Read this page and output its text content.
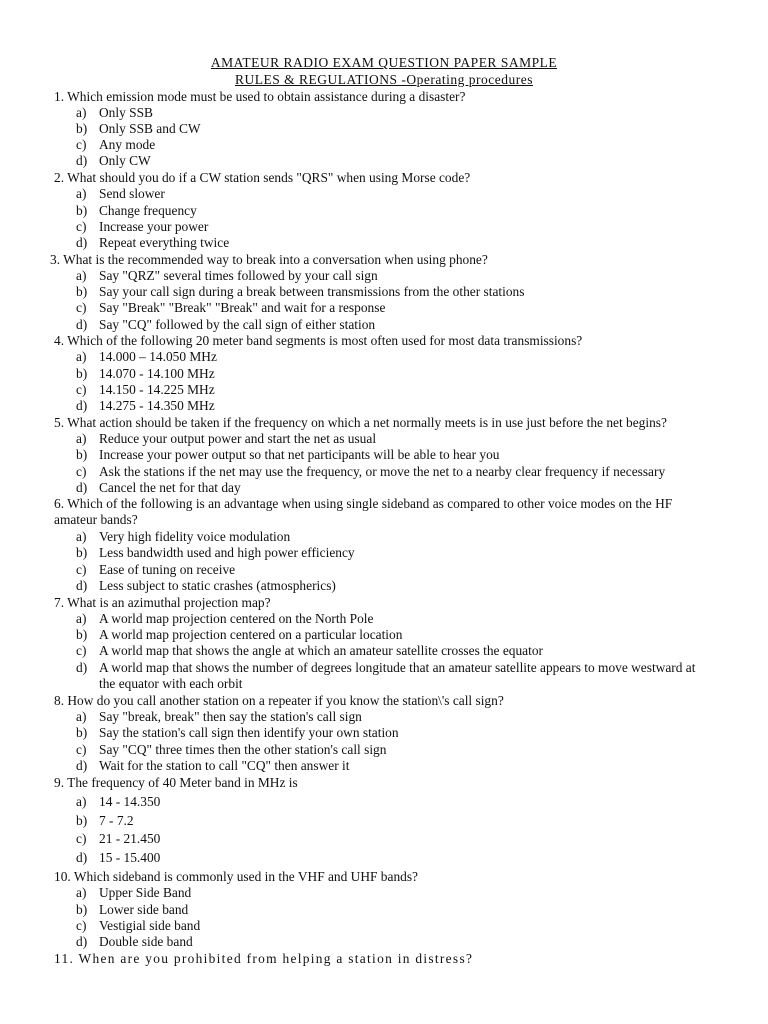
AMATEUR RADIO EXAM QUESTION PAPER SAMPLE
RULES & REGULATIONS -Operating procedures
1. Which emission mode must be used to obtain assistance during a disaster?
a) Only SSB
b) Only SSB and CW
c) Any mode
d) Only CW
2. What should you do if a CW station sends "QRS" when using Morse code?
a) Send slower
b) Change frequency
c) Increase your power
d) Repeat everything twice
3. What is the recommended way to break into a conversation when using phone?
a) Say "QRZ" several times followed by your call sign
b) Say your call sign during a break between transmissions from the other stations
c) Say "Break" "Break" "Break" and wait for a response
d) Say "CQ" followed by the call sign of either station
4. Which of the following 20 meter band segments is most often used for most data transmissions?
a) 14.000 – 14.050 MHz
b) 14.070 - 14.100 MHz
c) 14.150 - 14.225 MHz
d) 14.275 - 14.350 MHz
5. What action should be taken if the frequency on which a net normally meets is in use just before the net begins?
a) Reduce your output power and start the net as usual
b) Increase your power output so that net participants will be able to hear you
c) Ask the stations if the net may use the frequency, or move the net to a nearby clear frequency if necessary
d) Cancel the net for that day
6. Which of the following is an advantage when using single sideband as compared to other voice modes on the HF amateur bands?
a) Very high fidelity voice modulation
b) Less bandwidth used and high power efficiency
c) Ease of tuning on receive
d) Less subject to static crashes (atmospherics)
7. What is an azimuthal projection map?
a) A world map projection centered on the North Pole
b) A world map projection centered on a particular location
c) A world map that shows the angle at which an amateur satellite crosses the equator
d) A world map that shows the number of degrees longitude that an amateur satellite appears to move westward at the equator with each orbit
8. How do you call another station on a repeater if you know the station\'s call sign?
a) Say "break, break" then say the station's call sign
b) Say the station's call sign then identify your own station
c) Say "CQ" three times then the other station's call sign
d) Wait for the station to call "CQ" then answer it
9. The frequency of 40 Meter band in MHz is
a) 14 - 14.350
b) 7 - 7.2
c) 21 - 21.450
d) 15 - 15.400
10. Which sideband is commonly used in the VHF and UHF bands?
a) Upper Side Band
b) Lower side band
c) Vestigial side band
d) Double side band
11. When are you prohibited from helping a station in distress?
